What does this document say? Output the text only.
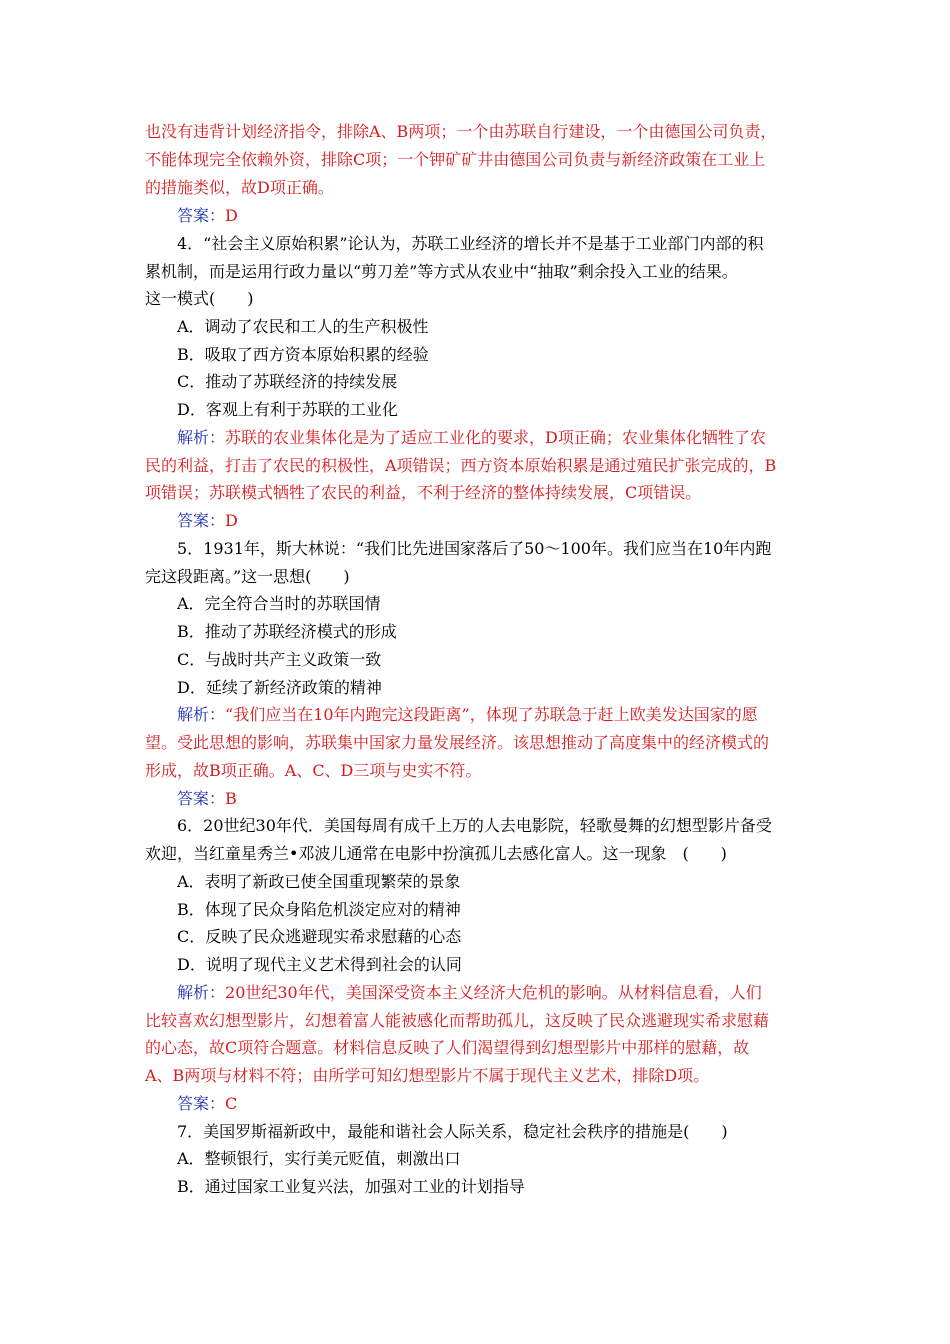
也没有违背计划经济指令，排除A、B两项；一个由苏联自行建设，一个由德国公司负责，
不能体现完全依赖外资，排除C项；一个钾矿矿井由德国公司负责与新经济政策在工业上
的措施类似，故D项正确。
答案：D
4．“社会主义原始积累”论认为，苏联工业经济的增长并不是基于工业部门内部的积
累机制，而是运用行政力量以“剪刀差”等方式从农业中“抽取”剩余投入工业的结果。
这一模式(　　)
A．调动了农民和工人的生产积极性
B．吸取了西方资本原始积累的经验
C．推动了苏联经济的持续发展
D．客观上有利于苏联的工业化
解析：苏联的农业集体化是为了适应工业化的要求，D项正确；农业集体化牺牲了农
民的利益，打击了农民的积极性，A项错误；西方资本原始积累是通过殖民扩张完成的，B
项错误；苏联模式牺牲了农民的利益，不利于经济的整体持续发展，C项错误。
答案：D
5．1931年，斯大林说：“我们比先进国家落后了50～100年。我们应当在10年内跑
完这段距离。”这一思想(　　)
A．完全符合当时的苏联国情
B．推动了苏联经济模式的形成
C．与战时共产主义政策一致
D．延续了新经济政策的精神
解析：“我们应当在10年内跑完这段距离”，体现了苏联急于赶上欧美发达国家的愿
望。受此思想的影响，苏联集中国家力量发展经济。该思想推动了高度集中的经济模式的
形成，故B项正确。A、C、D三项与史实不符。
答案：B
6．20世纪30年代．美国每周有成千上万的人去电影院，轻歌曼舞的幻想型影片备受
欢迎，当红童星秀兰•邓波儿通常在电影中扮演孤儿去感化富人。这一现象　(　　)
A．表明了新政已使全国重现繁荣的景象
B．体现了民众身陷危机淡定应对的精神
C．反映了民众逃避现实希求慰藉的心态
D．说明了现代主义艺术得到社会的认同
解析：20世纪30年代，美国深受资本主义经济大危机的影响。从材料信息看，人们
比较喜欢幻想型影片，幻想着富人能被感化而帮助孤儿，这反映了民众逃避现实希求慰藉
的心态，故C项符合题意。材料信息反映了人们渴望得到幻想型影片中那样的慰藉，故
A、B两项与材料不符；由所学可知幻想型影片不属于现代主义艺术，排除D项。
答案：C
7．美国罗斯福新政中，最能和谐社会人际关系，稳定社会秩序的措施是(　　)
A．整顿银行，实行美元贬值，刺激出口
B．通过国家工业复兴法，加强对工业的计划指导
